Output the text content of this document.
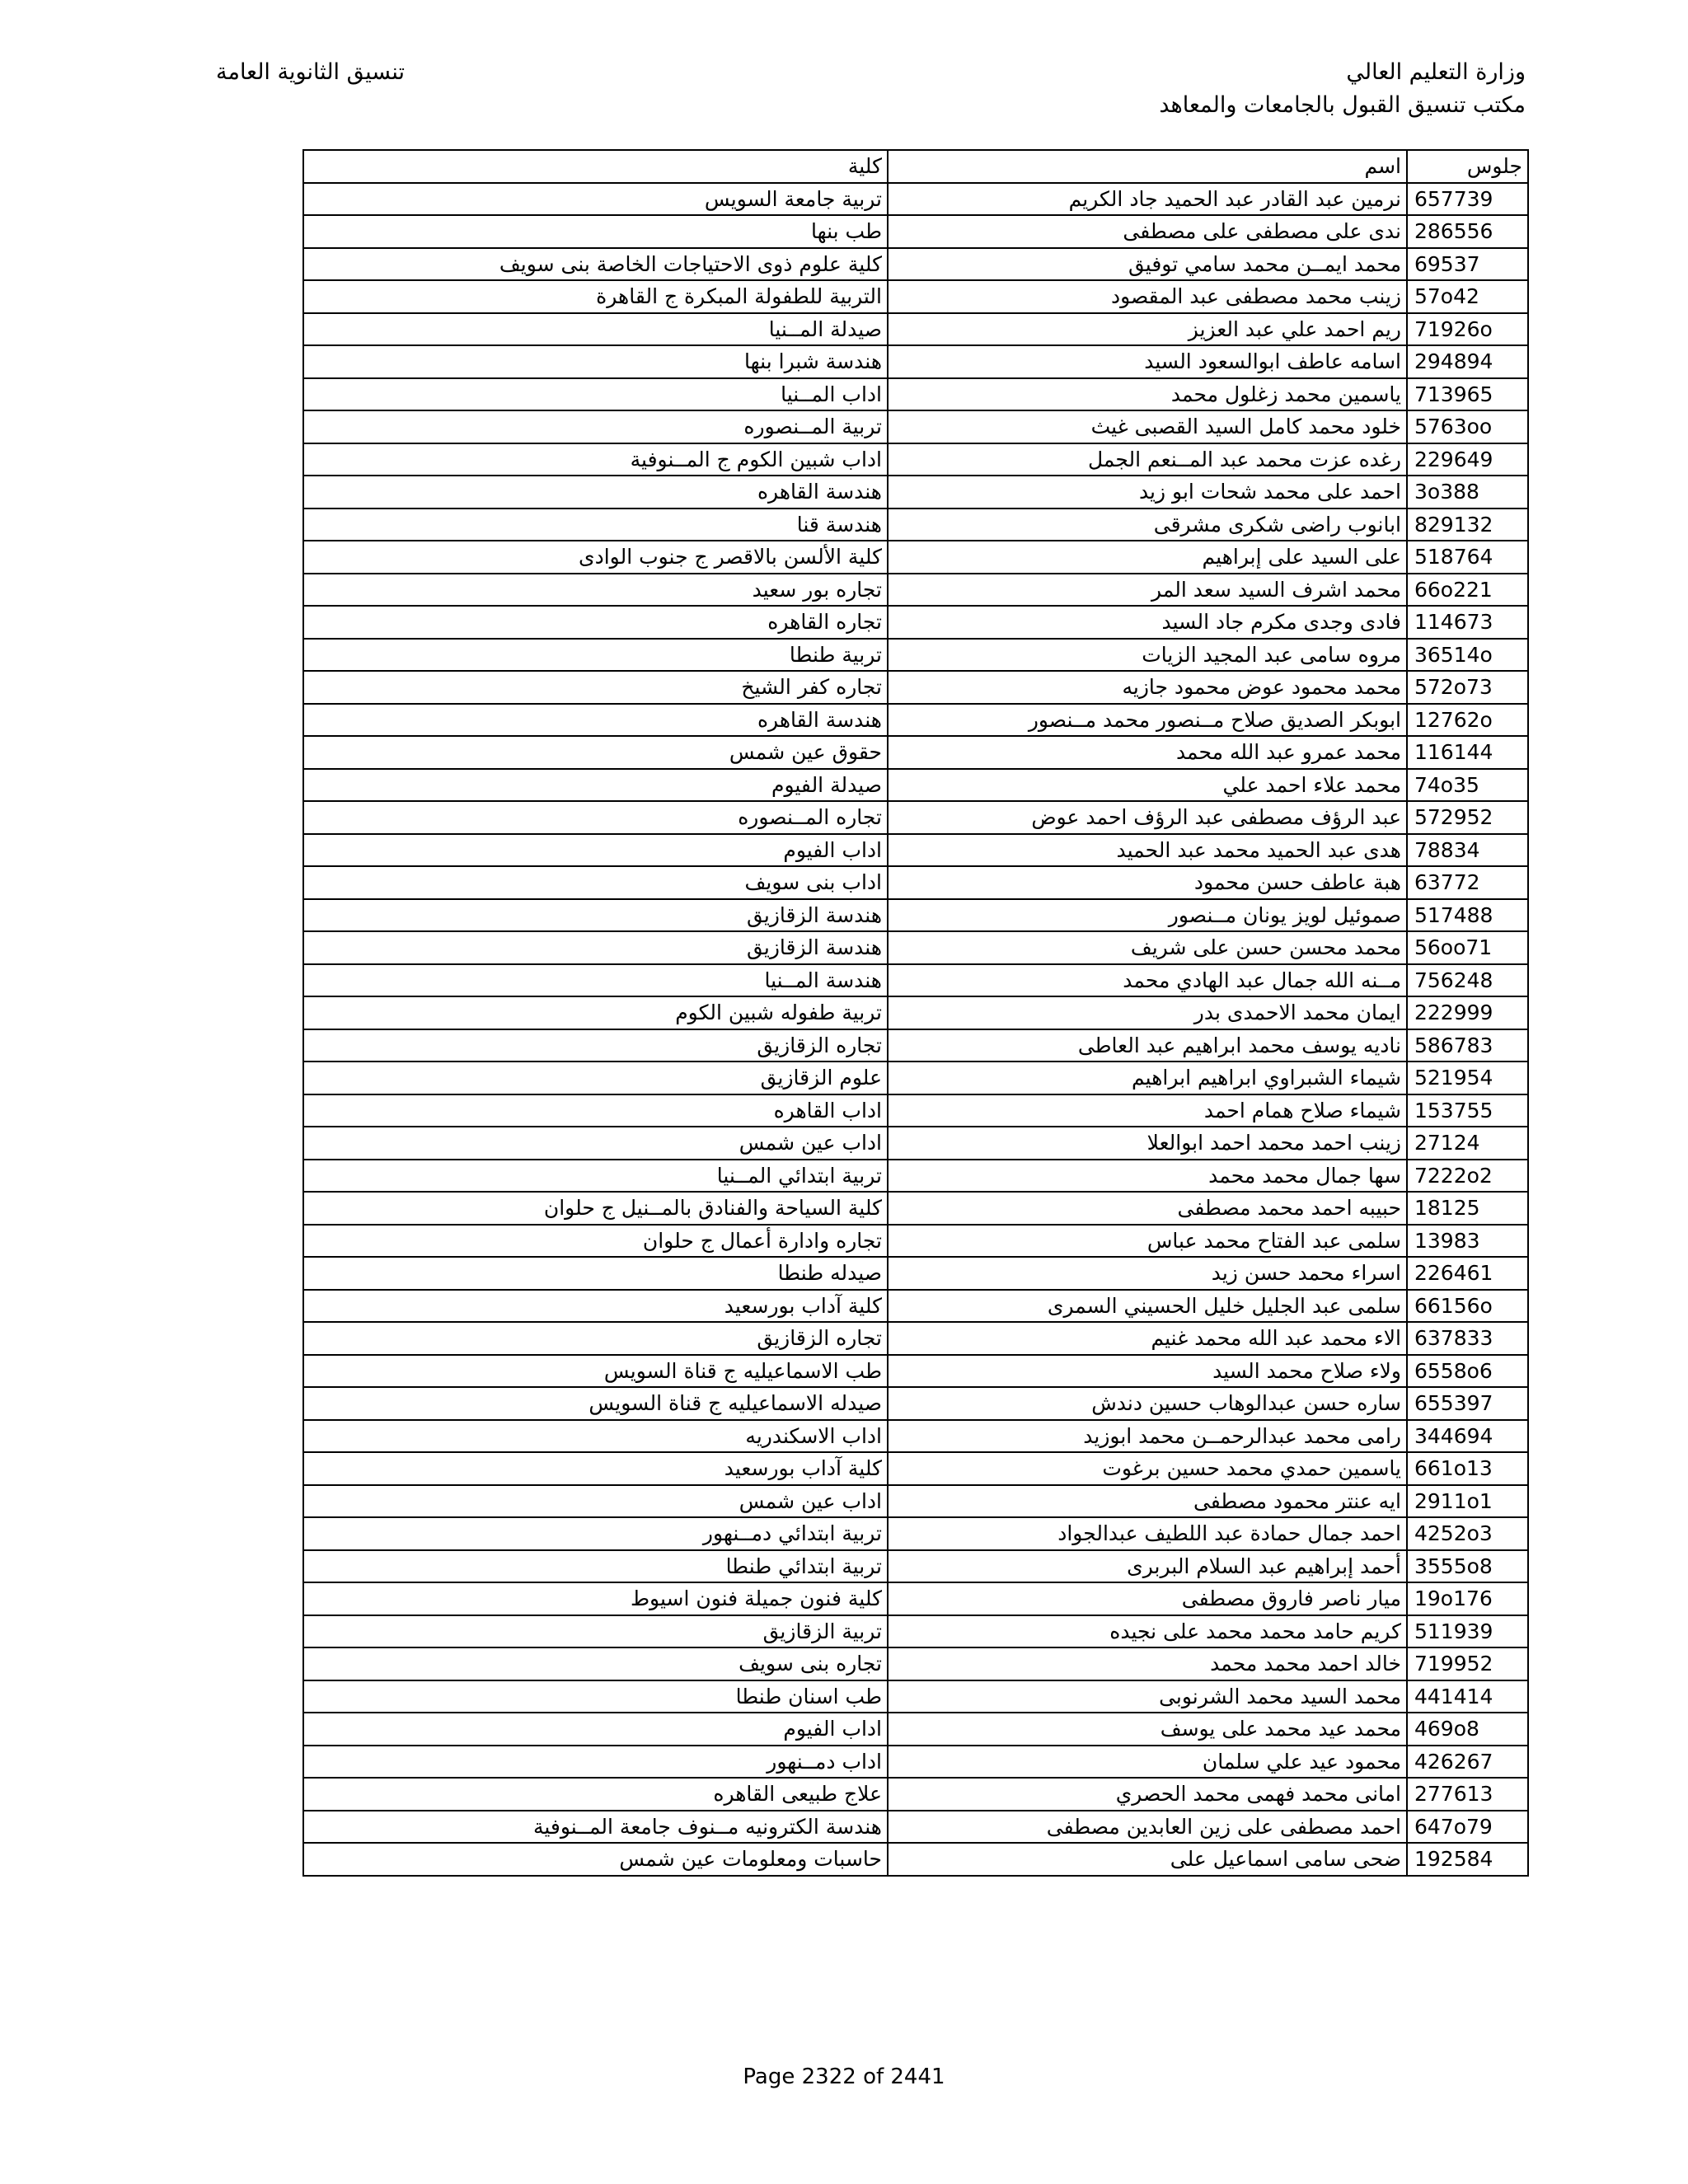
وزارة التعليم العالي
مكتب تنسيق القبول بالجامعات والمعاهد
تنسيق الثانوية العامة
جلوس	اسم	كلية
657739	نرمين عبد القادر عبد الحميد جاد الكريم	تربية جامعة السويس
286556	ندى على مصطفى على مصطفى	طب بنها
69537	محمد ايمــن محمد سامي توفيق	كلية علوم ذوى الاحتياجات الخاصة بنى سويف
57o42	زينب محمد مصطفى عبد المقصود	التربية للطفولة المبكرة ج القاهرة
71926o	ريم احمد علي عبد العزيز	صيدلة المــنيا
294894	اسامه عاطف ابوالسعود السيد	هندسة شبرا بنها
713965	ياسمين محمد زغلول محمد	اداب المــنيا
5763oo	خلود محمد كامل السيد القصبى غيث	تربية المــنصوره
229649	رغده عزت محمد عبد المــنعم الجمل	اداب شبين الكوم ج المــنوفية
3o388	احمد على محمد شحات ابو زيد	هندسة القاهره
829132	ابانوب راضى شكرى مشرقى	هندسة قنا
518764	على السيد على إبراهيم	كلية الألسن بالاقصر ج جنوب الوادى
66o221	محمد اشرف السيد سعد المر	تجاره بور سعيد
114673	فادى وجدى مكرم جاد السيد	تجاره القاهره
36514o	مروه سامى عبد المجيد الزيات	تربية طنطا
572o73	محمد محمود عوض محمود جازيه	تجاره كفر الشيخ
12762o	ابوبكر الصديق صلاح مــنصور محمد مــنصور	هندسة القاهره
116144	محمد عمرو عبد الله محمد	حقوق عين شمس
74o35	محمد علاء احمد علي	صيدلة الفيوم
572952	عبد الرؤف مصطفى عبد الرؤف احمد عوض	تجاره المــنصوره
78834	هدى عبد الحميد محمد عبد الحميد	اداب الفيوم
63772	هبة عاطف حسن محمود	اداب بنى سويف
517488	صموئيل لويز يونان مــنصور	هندسة الزقازيق
56oo71	محمد محسن حسن على شريف	هندسة الزقازيق
756248	مــنه الله جمال عبد الهادي محمد	هندسة المــنيا
222999	ايمان محمد الاحمدى بدر	تربية طفوله شبين الكوم
586783	ناديه يوسف محمد ابراهيم عبد العاطى	تجاره الزقازيق
521954	شيماء الشبراوي ابراهيم ابراهيم	علوم الزقازيق
153755	شيماء صلاح همام احمد	اداب القاهره
27124	زينب احمد محمد احمد ابوالعلا	اداب عين شمس
7222o2	سها جمال محمد محمد	تربية ابتدائي المــنيا
18125	حبيبه احمد محمد مصطفى	كلية السياحة والفنادق بالمــنيل ج حلوان
13983	سلمى عبد الفتاح محمد عباس	تجاره وادارة أعمال ج حلوان
226461	اسراء محمد حسن زيد	صيدله طنطا
66156o	سلمى عبد الجليل خليل الحسيني السمرى	كلية آداب بورسعيد
637833	الاء محمد عبد الله محمد غنيم	تجاره الزقازيق
6558o6	ولاء صلاح محمد السيد	طب الاسماعيليه ج قناة السويس
655397	ساره حسن عبدالوهاب حسين دندش	صيدله الاسماعيليه ج قناة السويس
344694	رامى محمد عبدالرحمــن محمد ابوزيد	اداب الاسكندريه
661o13	ياسمين حمدي محمد حسين برغوت	كلية آداب بورسعيد
2911o1	ايه عنتر محمود مصطفى	اداب عين شمس
4252o3	احمد جمال حمادة عبد اللطيف عبدالجواد	تربية ابتدائي دمــنهور
3555o8	أحمد إبراهيم عبد السلام البربرى	تربية ابتدائي طنطا
19o176	ميار ناصر فاروق مصطفى	كلية فنون جميلة فنون اسيوط
511939	كريم حامد محمد محمد على نجيده	تربية الزقازيق
719952	خالد احمد محمد محمد	تجاره بنى سويف
441414	محمد السيد محمد الشرنوبى	طب اسنان طنطا
469o8	محمد عيد محمد على يوسف	اداب الفيوم
426267	محمود عيد علي سلمان	اداب دمــنهور
277613	امانى محمد فهمى محمد الحصري	علاج طبيعى القاهره
647o79	احمد مصطفى على زين العابدين مصطفى	هندسة الكترونيه مــنوف جامعة المــنوفية
192584	ضحى سامى اسماعيل على	حاسبات ومعلومات عين شمس
Page 2322 of 2441
